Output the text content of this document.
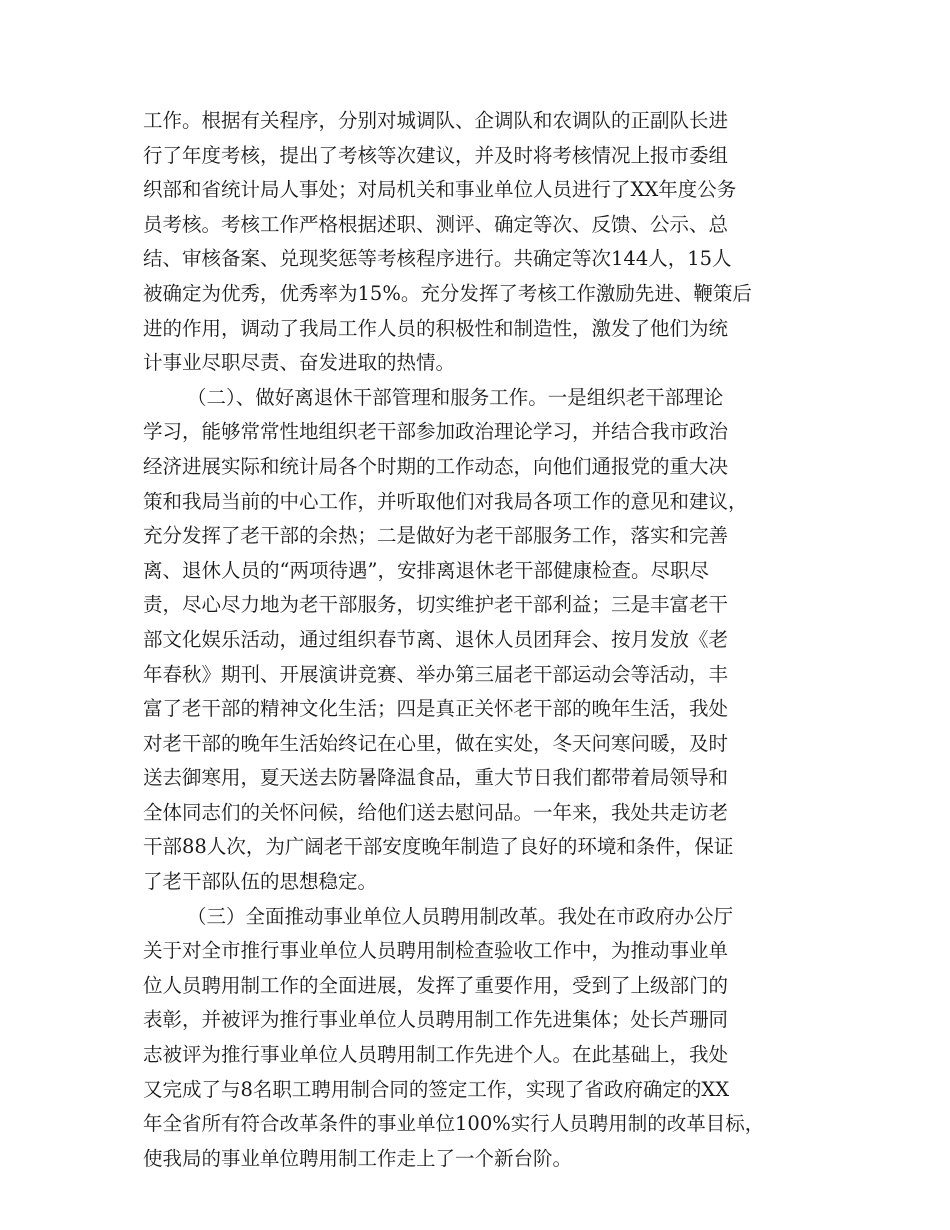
工作。根据有关程序，分别对城调队、企调队和农调队的正副队长进
行了年度考核，提出了考核等次建议，并及时将考核情况上报市委组
织部和省统计局人事处；对局机关和事业单位人员进行了XX年度公务
员考核。考核工作严格根据述职、测评、确定等次、反馈、公示、总
结、审核备案、兑现奖惩等考核程序进行。共确定等次144人，15人
被确定为优秀，优秀率为15%。充分发挥了考核工作激励先进、鞭策后
进的作用，调动了我局工作人员的积极性和制造性，激发了他们为统
计事业尽职尽责、奋发进取的热情。
（二）、做好离退休干部管理和服务工作。一是组织老干部理论
学习，能够常常性地组织老干部参加政治理论学习，并结合我市政治
经济进展实际和统计局各个时期的工作动态，向他们通报党的重大决
策和我局当前的中心工作，并听取他们对我局各项工作的意见和建议，
充分发挥了老干部的余热；二是做好为老干部服务工作，落实和完善
离、退休人员的“两项待遇”，安排离退休老干部健康检查。尽职尽
责，尽心尽力地为老干部服务，切实维护老干部利益；三是丰富老干
部文化娱乐活动，通过组织春节离、退休人员团拜会、按月发放《老
年春秋》期刊、开展演讲竞赛、举办第三届老干部运动会等活动，丰
富了老干部的精神文化生活；四是真正关怀老干部的晚年生活，我处
对老干部的晚年生活始终记在心里，做在实处，冬天问寒问暖，及时
送去御寒用，夏天送去防暑降温食品，重大节日我们都带着局领导和
全体同志们的关怀问候，给他们送去慰问品。一年来，我处共走访老
干部88人次，为广阔老干部安度晚年制造了良好的环境和条件，保证
了老干部队伍的思想稳定。
（三）全面推动事业单位人员聘用制改革。我处在市政府办公厅
关于对全市推行事业单位人员聘用制检查验收工作中，为推动事业单
位人员聘用制工作的全面进展，发挥了重要作用，受到了上级部门的
表彰，并被评为推行事业单位人员聘用制工作先进集体；处长芦珊同
志被评为推行事业单位人员聘用制工作先进个人。在此基础上，我处
又完成了与8名职工聘用制合同的签定工作，实现了省政府确定的XX
年全省所有符合改革条件的事业单位100%实行人员聘用制的改革目标，
使我局的事业单位聘用制工作走上了一个新台阶。
